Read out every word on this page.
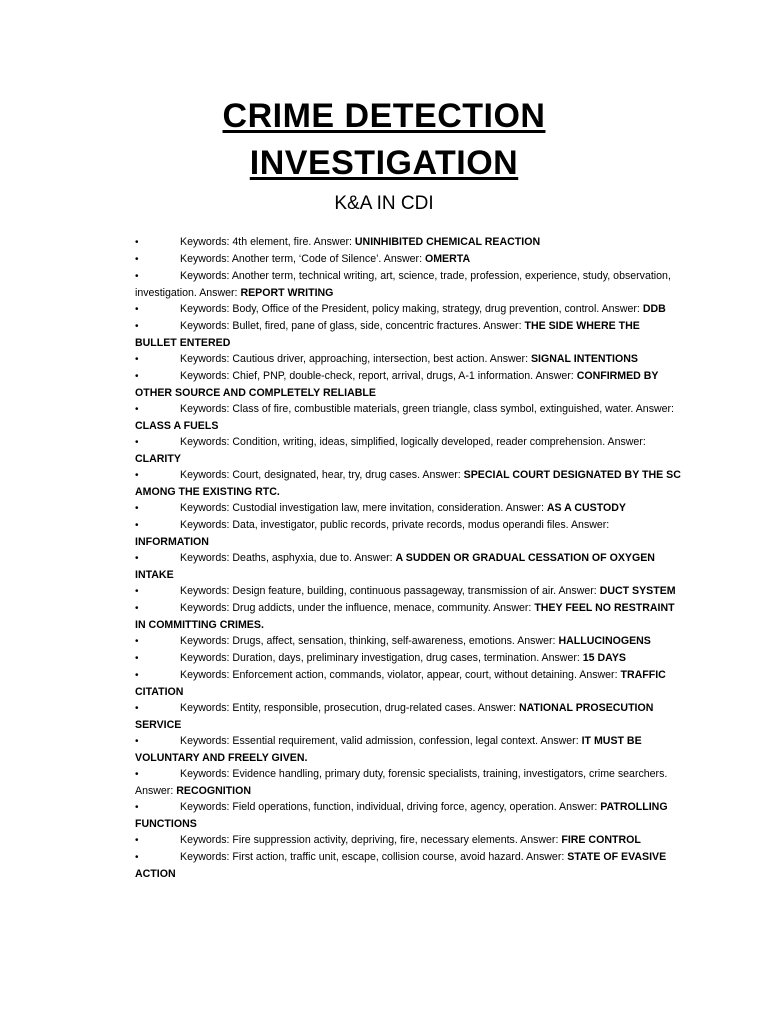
CRIME DETECTION
INVESTIGATION
K&A IN CDI
•	Keywords: 4th element, fire. Answer: UNINHIBITED CHEMICAL REACTION
•	Keywords: Another term, ‘Code of Silence’. Answer: OMERTA
•	Keywords: Another term, technical writing, art, science, trade, profession, experience, study, observation, investigation. Answer: REPORT WRITING
•	Keywords: Body, Office of the President, policy making, strategy, drug prevention, control. Answer: DDB
•	Keywords: Bullet, fired, pane of glass, side, concentric fractures. Answer: THE SIDE WHERE THE BULLET ENTERED
•	Keywords: Cautious driver, approaching, intersection, best action. Answer: SIGNAL INTENTIONS
•	Keywords: Chief, PNP, double-check, report, arrival, drugs, A-1 information. Answer: CONFIRMED BY OTHER SOURCE AND COMPLETELY RELIABLE
•	Keywords: Class of fire, combustible materials, green triangle, class symbol, extinguished, water. Answer: CLASS A FUELS
•	Keywords: Condition, writing, ideas, simplified, logically developed, reader comprehension. Answer: CLARITY
•	Keywords: Court, designated, hear, try, drug cases. Answer: SPECIAL COURT DESIGNATED BY THE SC AMONG THE EXISTING RTC.
•	Keywords: Custodial investigation law, mere invitation, consideration. Answer: AS A CUSTODY
•	Keywords: Data, investigator, public records, private records, modus operandi files. Answer: INFORMATION
•	Keywords: Deaths, asphyxia, due to. Answer: A SUDDEN OR GRADUAL CESSATION OF OXYGEN INTAKE
•	Keywords: Design feature, building, continuous passageway, transmission of air. Answer: DUCT SYSTEM
•	Keywords: Drug addicts, under the influence, menace, community. Answer: THEY FEEL NO RESTRAINT IN COMMITTING CRIMES.
•	Keywords: Drugs, affect, sensation, thinking, self-awareness, emotions. Answer: HALLUCINOGENS
•	Keywords: Duration, days, preliminary investigation, drug cases, termination. Answer: 15 DAYS
•	Keywords: Enforcement action, commands, violator, appear, court, without detaining. Answer: TRAFFIC CITATION
•	Keywords: Entity, responsible, prosecution, drug-related cases. Answer: NATIONAL PROSECUTION SERVICE
•	Keywords: Essential requirement, valid admission, confession, legal context. Answer: IT MUST BE VOLUNTARY AND FREELY GIVEN.
•	Keywords: Evidence handling, primary duty, forensic specialists, training, investigators, crime searchers. Answer: RECOGNITION
•	Keywords: Field operations, function, individual, driving force, agency, operation. Answer: PATROLLING FUNCTIONS
•	Keywords: Fire suppression activity, depriving, fire, necessary elements. Answer: FIRE CONTROL
•	Keywords: First action, traffic unit, escape, collision course, avoid hazard. Answer: STATE OF EVASIVE ACTION
